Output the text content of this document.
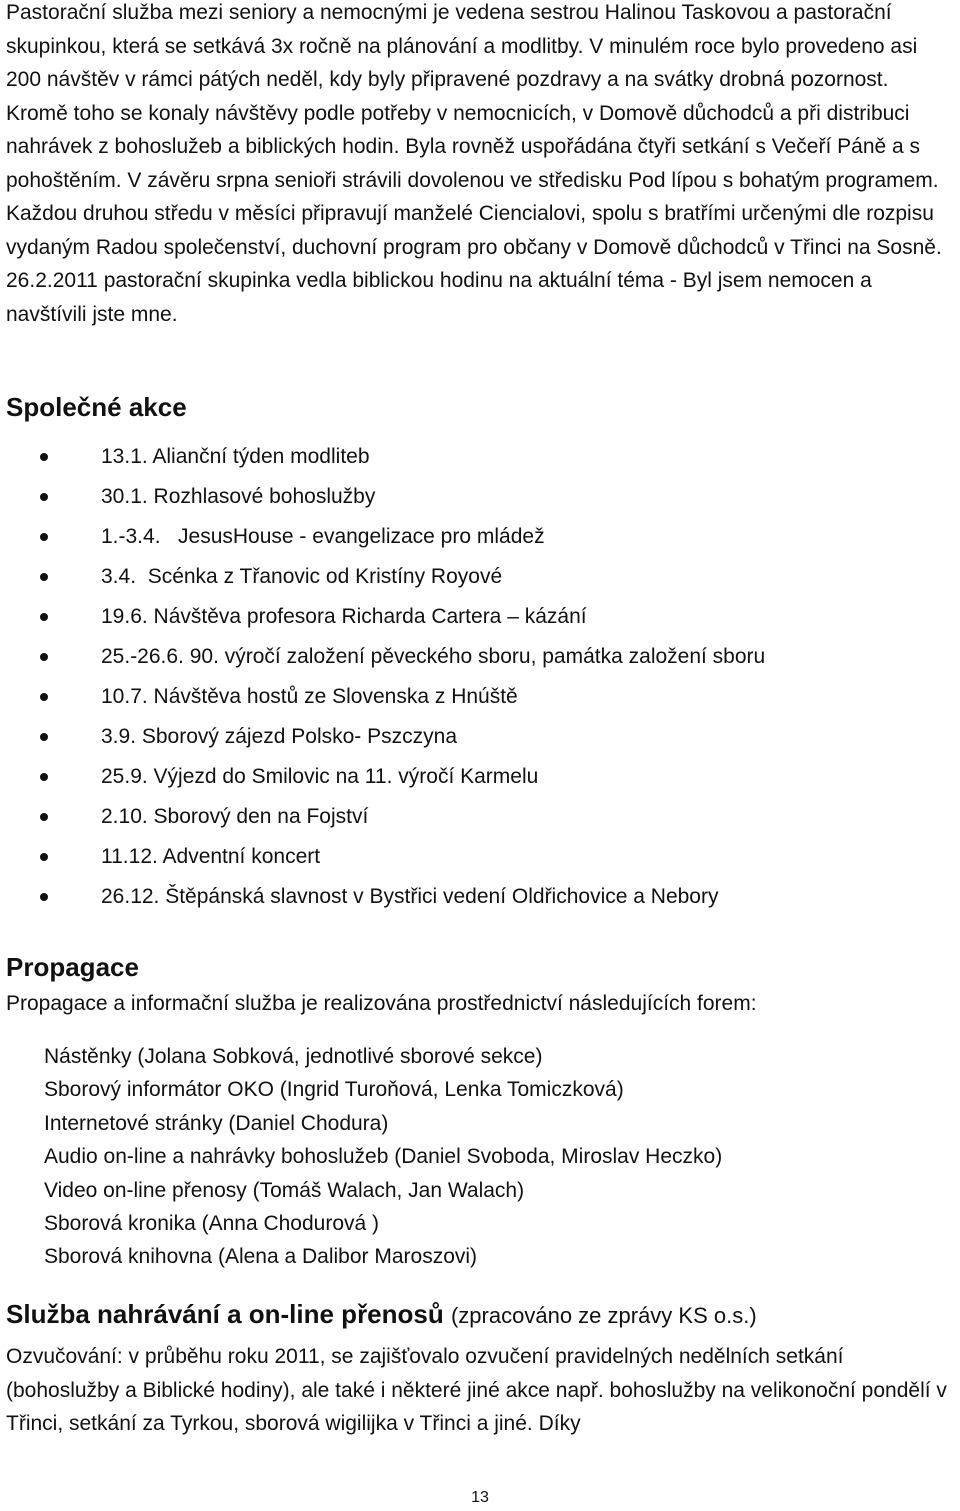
Pastorační služba mezi seniory a nemocnými je vedena sestrou Halinou Taskovou a pastorační skupinkou, která se setkává 3x ročně na plánování a modlitby. V minulém roce bylo provedeno asi 200 návštěv v rámci pátých neděl, kdy byly připravené pozdravy a na svátky drobná pozornost. Kromě toho se konaly návštěvy podle potřeby v nemocnicích, v Domově důchodců a při distribuci nahrávek z bohoslužeb a biblických hodin. Byla rovněž uspořádána čtyři setkání s Večeří Páně a s pohoštěním. V závěru srpna senioři strávili dovolenou ve středisku Pod lípou s bohatým programem. Každou druhou středu v měsíci připravují manželé Ciencialovi, spolu s bratřími určenými dle rozpisu vydaným Radou společenství, duchovní program pro občany v Domově důchodců v Třinci na Sosně. 26.2.2011 pastorační skupinka vedla biblickou hodinu na aktuální téma - Byl jsem nemocen a navštívili jste mne.

Společné akce
13.1. Alianční týden modliteb
30.1. Rozhlasové bohoslužby
1.-3.4.   JesusHouse - evangelizace pro mládež
3.4.  Scénka z Třanovic od Kristíny Royové
19.6. Návštěva profesora Richarda Cartera – kázání
25.-26.6. 90. výročí založení pěveckého sboru, památka založení sboru
10.7. Návštěva hostů ze Slovenska z Hnúště
3.9. Sborový zájezd Polsko- Pszczyna
25.9. Výjezd do Smilovic na 11. výročí Karmelu
2.10. Sborový den na Fojství
11.12. Adventní koncert
26.12. Štěpánská slavnost v Bystřici vedení Oldřichovice a Nebory
Propagace

Propagace a informační služba je realizována prostřednictví následujících forem:

Nástěnky (Jolana Sobková, jednotlivé sborové sekce)
Sborový informátor OKO (Ingrid Turoňová, Lenka Tomiczková)
Internetové stránky (Daniel Chodura)
Audio on-line a nahrávky bohoslužeb (Daniel Svoboda, Miroslav Heczko)
Video on-line přenosy (Tomáš Walach, Jan Walach)
Sborová kronika (Anna Chodurová )
Sborová knihovna (Alena a Dalibor Maroszovi)
Služba nahrávání a on-line přenosů (zpracováno ze zprávy KS o.s.)

Ozvučování: v průběhu roku 2011, se zajišťovalo ozvučení pravidelných nedělních setkání (bohoslužby a Biblické hodiny), ale také i některé jiné akce např. bohoslužby na velikonoční pondělí v Třinci, setkání za Tyrkou, sborová wigilijka v Třinci a jiné. Díky

13
